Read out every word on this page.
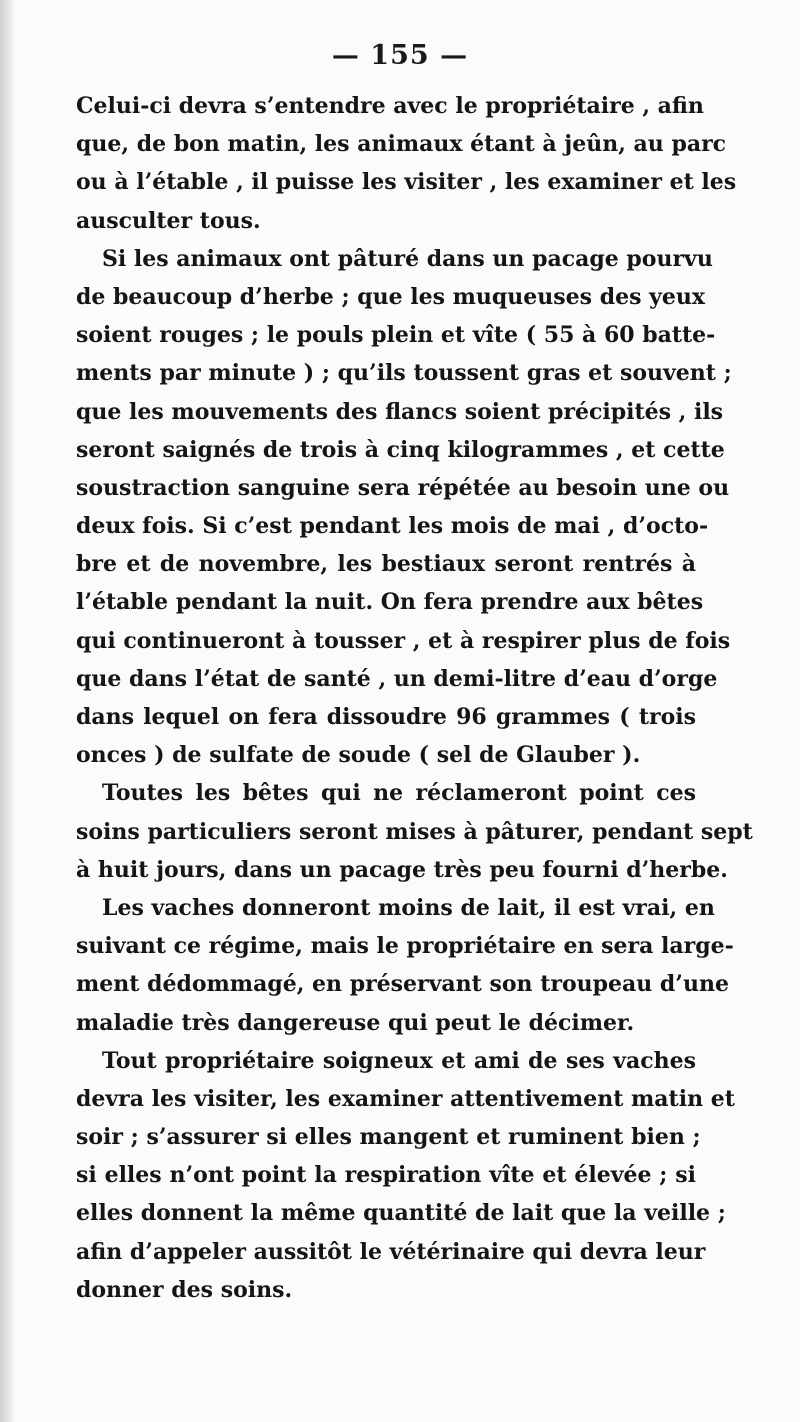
— 155 —
Celui-ci devra s’entendre avec le propriétaire , afin
que, de bon matin, les animaux étant à jeûn, au parc
ou à l’étable , il puisse les visiter , les examiner et les
ausculter tous.
Si les animaux ont pâturé dans un pacage pourvu
de beaucoup d’herbe ; que les muqueuses des yeux
soient rouges ; le pouls plein et vîte ( 55 à 60 batte-
ments par minute ) ; qu’ils toussent gras et souvent ;
que les mouvements des flancs soient précipités , ils
seront saignés de trois à cinq kilogrammes , et cette
soustraction sanguine sera répétée au besoin une ou
deux fois. Si c’est pendant les mois de mai , d’octo-
bre et de novembre, les bestiaux seront rentrés à
l’étable pendant la nuit. On fera prendre aux bêtes
qui continueront à tousser , et à respirer plus de fois
que dans l’état de santé , un demi-litre d’eau d’orge
dans lequel on fera dissoudre 96 grammes ( trois
onces ) de sulfate de soude ( sel de Glauber ).
Toutes les bêtes qui ne réclameront point ces
soins particuliers seront mises à pâturer, pendant sept
à huit jours, dans un pacage très peu fourni d’herbe.
Les vaches donneront moins de lait, il est vrai, en
suivant ce régime, mais le propriétaire en sera large-
ment dédommagé, en préservant son troupeau d’une
maladie très dangereuse qui peut le décimer.
Tout propriétaire soigneux et ami de ses vaches
devra les visiter, les examiner attentivement matin et
soir ; s’assurer si elles mangent et ruminent bien ;
si elles n’ont point la respiration vîte et élevée ; si
elles donnent la même quantité de lait que la veille ;
afin d’appeler aussitôt le vétérinaire qui devra leur
donner des soins.
